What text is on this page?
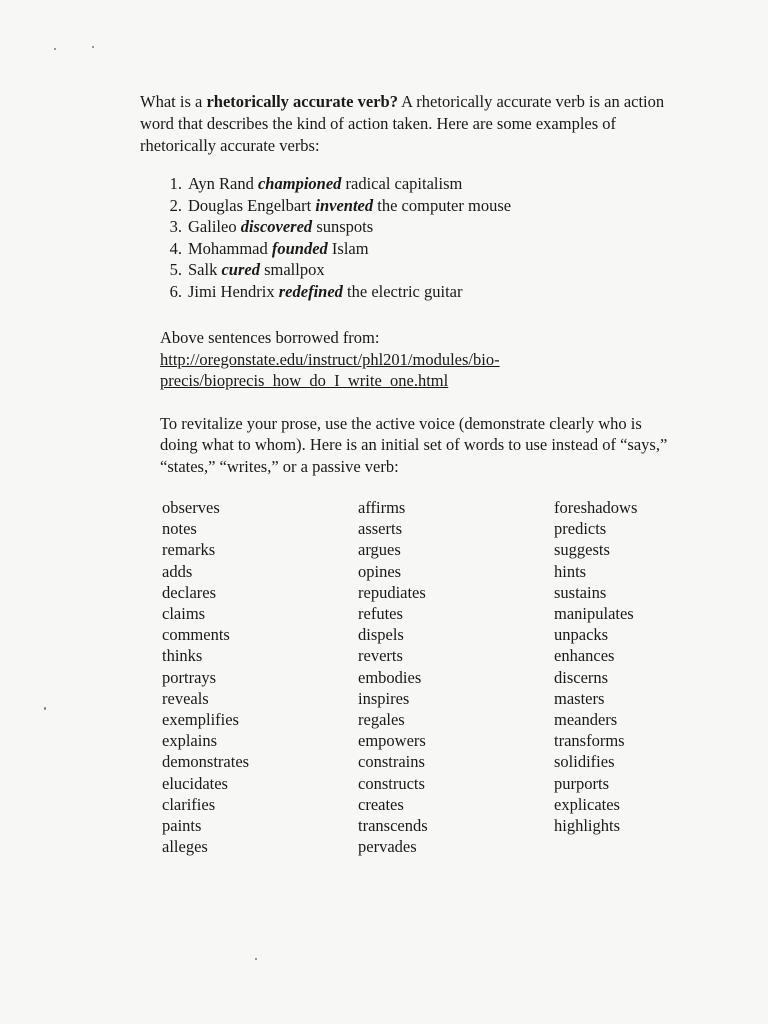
What is a rhetorically accurate verb? A rhetorically accurate verb is an action word that describes the kind of action taken. Here are some examples of rhetorically accurate verbs:

1. Ayn Rand championed radical capitalism
2. Douglas Engelbart invented the computer mouse
3. Galileo discovered sunspots
4. Mohammad founded Islam
5. Salk cured smallpox
6. Jimi Hendrix redefined the electric guitar
Above sentences borrowed from:
http://oregonstate.edu/instruct/phl201/modules/bio-
precis/bioprecis_how_do_I_write_one.html

To revitalize your prose, use the active voice (demonstrate clearly who is doing what to whom). Here is an initial set of words to use instead of “says,” “states,” “writes,” or a passive verb:

observes
notes
remarks
adds
declares
claims
comments
thinks
portrays
reveals
exemplifies
explains
demonstrates
elucidates
clarifies
paints
alleges
affirms
asserts
argues
opines
repudiates
refutes
dispels
reverts
embodies
inspires
regales
empowers
constrains
constructs
creates
transcends
pervades
foreshadows
predicts
suggests
hints
sustains
manipulates
unpacks
enhances
discerns
masters
meanders
transforms
solidifies
purports
explicates
highlights
